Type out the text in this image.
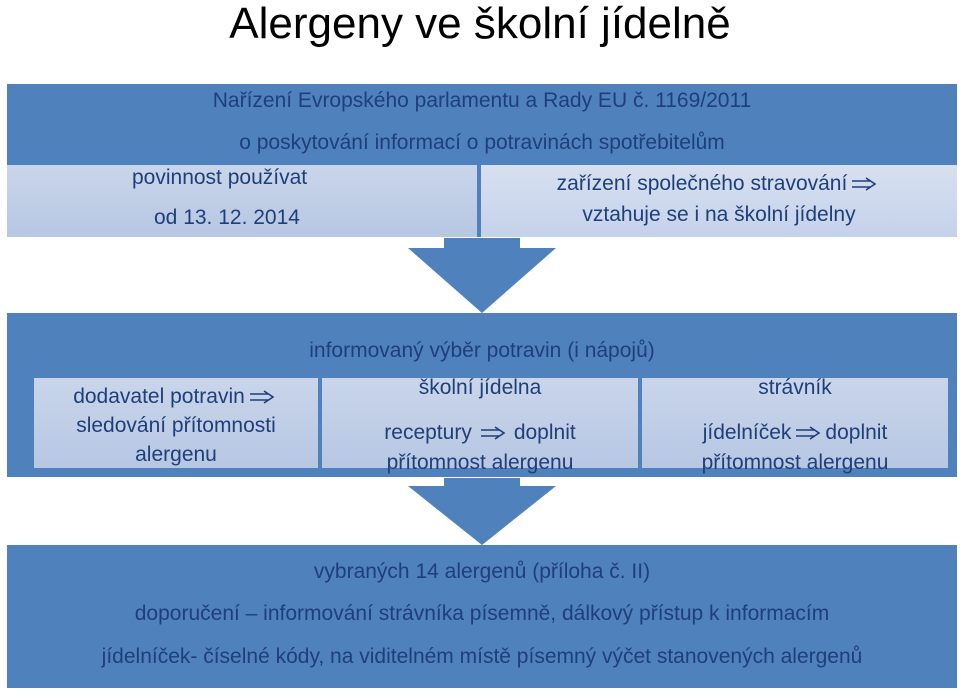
Alergeny ve školní jídelně
Nařízení Evropského parlamentu a Rady EU č. 1169/2011
o poskytování informací o potravinách spotřebitelům
povinnost používat
od 13. 12. 2014
zařízení společného stravování
vztahuje se i na školní jídelny
informovaný výběr potravin (i nápojů)
dodavatel potravin
sledování přítomnosti
alergenu
školní jídelna
receptury doplnit
přítomnost alergenu
strávník
jídelníček doplnit
přítomnost alergenu
vybraných 14 alergenů (příloha č. II)
doporučení – informování strávníka písemně, dálkový přístup k informacím
jídelníček- číselné kódy, na viditelném místě písemný výčet stanovených alergenů
